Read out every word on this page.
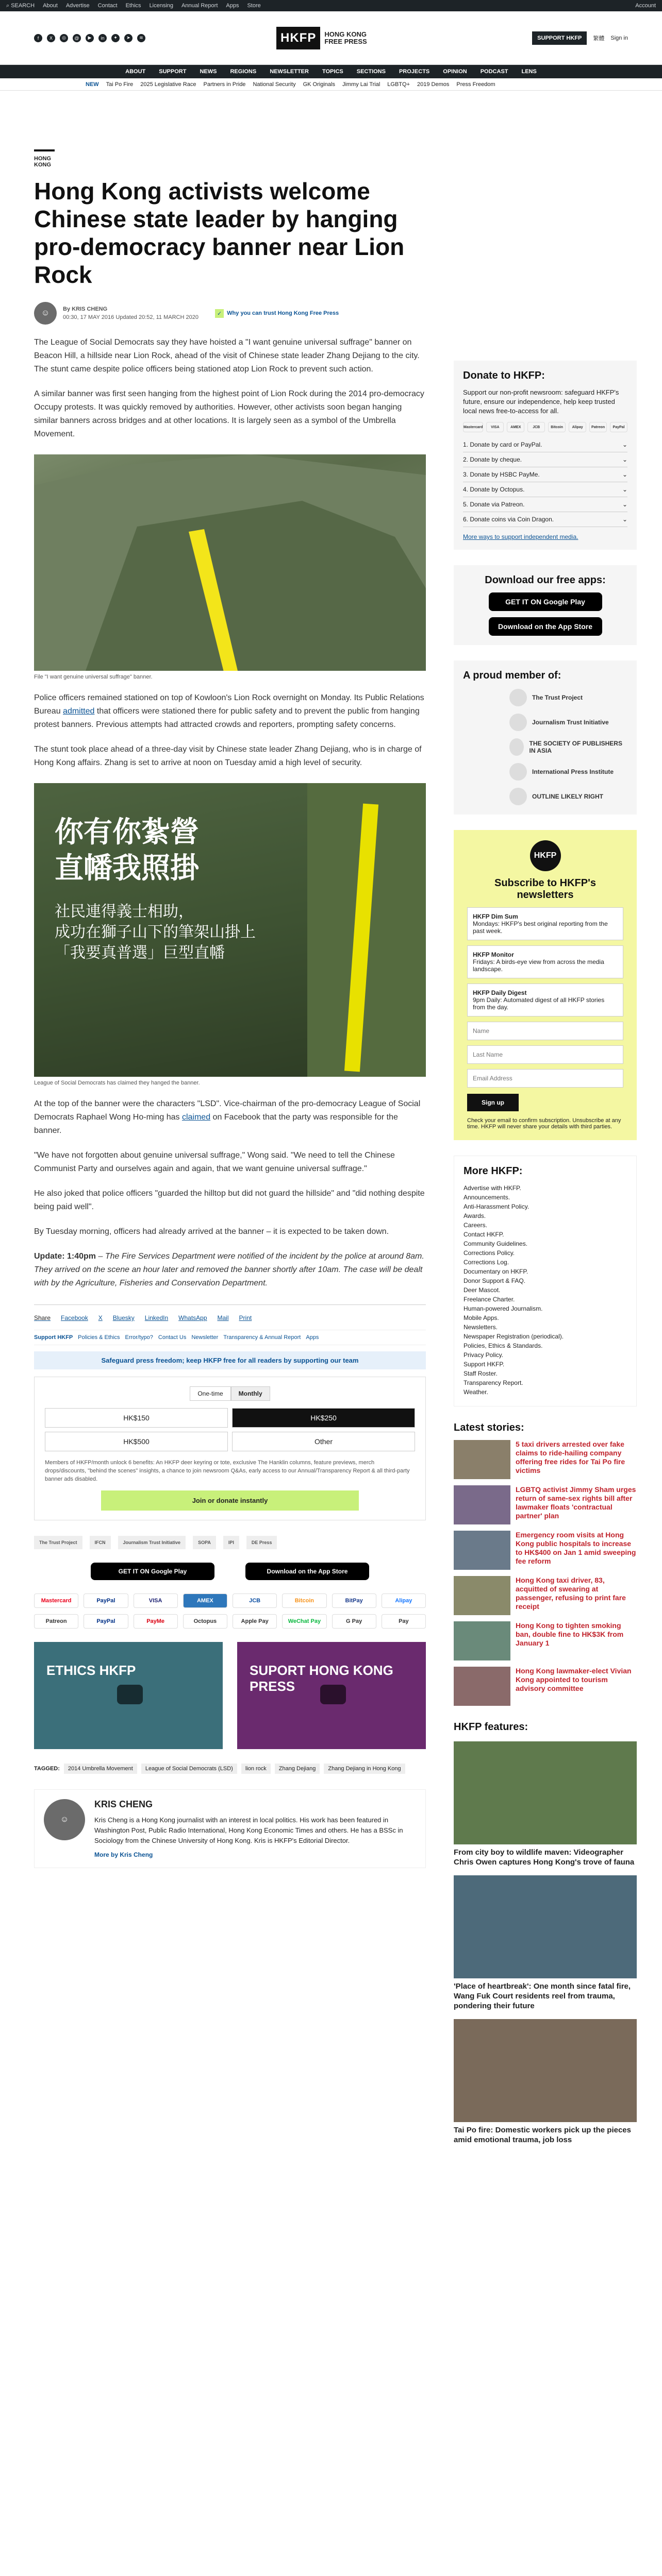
⌕ SEARCH About Advertise Contact Ethics Licensing Annual Report Apps Store	Account
f	X	◎	@	▶	in	✦	➤	≋	HKFP	HONG KONG
FREE PRESS	SUPPORT HKFP	繁體 Sign in
ABOUT SUPPORT NEWS REGIONS NEWSLETTER TOPICS SECTIONS PROJECTS OPINION PODCAST LENS
NEW Tai Po Fire 2025 Legislative Race Partners in Pride National Security GK Originals Jimmy Lai Trial LGBTQ+ 2019 Demos Press Freedom
HONG KONG
Hong Kong activists welcome Chinese state leader by hanging pro-democracy banner near Lion Rock
☺	By KRIS CHENG
00:30, 17 MAY 2016 Updated 20:52, 11 MARCH 2020
✓ Why you can trust Hong Kong Free Press

The League of Social Democrats say they have hoisted a "I want genuine universal suffrage" banner on Beacon Hill, a hillside near Lion Rock, ahead of the visit of Chinese state leader Zhang Dejiang to the city. The stunt came despite police officers being stationed atop Lion Rock to prevent such action.

A similar banner was first seen hanging from the highest point of Lion Rock during the 2014 pro-democracy Occupy protests. It was quickly removed by authorities. However, other activists soon began hanging similar banners across bridges and at other locations. It is largely seen as a symbol of the Umbrella Movement.

File "I want genuine universal suffrage" banner.

Police officers remained stationed on top of Kowloon's Lion Rock overnight on Monday. Its Public Relations Bureau admitted that officers were stationed there for public safety and to prevent the public from hanging protest banners. Previous attempts had attracted crowds and reporters, prompting safety concerns.

The stunt took place ahead of a three-day visit by Chinese state leader Zhang Dejiang, who is in charge of Hong Kong affairs. Zhang is set to arrive at noon on Tuesday amid a high level of security.

你有你紮營
直幡我照掛
社民連得義士相助，
成功在獅子山下的筆架山掛上
「我要真普選」巨型直幡
League of Social Democrats has claimed they hanged the banner.

At the top of the banner were the characters "LSD". Vice-chairman of the pro-democracy League of Social Democrats Raphael Wong Ho-ming has claimed on Facebook that the party was responsible for the banner.

"We have not forgotten about genuine universal suffrage," Wong said. "We need to tell the Chinese Communist Party and ourselves again and again, that we want genuine universal suffrage."

He also joked that police officers "guarded the hilltop but did not guard the hillside" and "did nothing despite being paid well".

By Tuesday morning, officers had already arrived at the banner – it is expected to be taken down.

Update: 1:40pm – The Fire Services Department were notified of the incident by the police at around 8am. They arrived on the scene an hour later and removed the banner shortly after 10am. The case will be dealt with by the Agriculture, Fisheries and Conservation Department.

Share Facebook X Bluesky LinkedIn WhatsApp Mail Print
Support HKFP Policies & Ethics Error/typo? Contact Us Newsletter Transparency & Annual Report Apps
Safeguard press freedom; keep HKFP free for all readers by supporting our team
One-time	Monthly
HK$150	HK$250
HK$500	Other

Members of HKFP/month unlock 6 benefits: An HKFP deer keyring or tote, exclusive The Hanklin columns, feature previews, merch drops/discounts, "behind the scenes" insights, a chance to join newsroom Q&As, early access to our Annual/Transparency Report & all third-party banner ads disabled.

Join or donate instantly
The Trust Project	IFCN	Journalism Trust Initiative	SOPA	IPI	DE Press
GET IT ON Google Play	Download on the App Store
Mastercard	PayPal	VISA	AMEX	JCB	Bitcoin	BitPay	Alipay
Patreon	PayPal	PayMe	Octopus	Apple Pay	WeChat Pay	G Pay	Pay
ETHICS HKFP	SUPORT HONG KONG PRESS
TAGGED:	2014 Umbrella Movement	League of Social Democrats (LSD)	lion rock	Zhang Dejiang	Zhang Dejiang in Hong Kong
☺
KRIS CHENG

Kris Cheng is a Hong Kong journalist with an interest in local politics. His work has been featured in Washington Post, Public Radio International, Hong Kong Economic Times and others. He has a BSSc in Sociology from the Chinese University of Hong Kong. Kris is HKFP's Editorial Director.

More by Kris Cheng
Donate to HKFP:

Support our non-profit newsroom: safeguard HKFP's future, ensure our independence, help keep trusted local news free-to-access for all.

Mastercard	VISA	AMEX	JCB	Bitcoin	Alipay	Patreon	PayPal
1. Donate by card or PayPal.	⌄
2. Donate by cheque.	⌄
3. Donate by HSBC PayMe.	⌄
4. Donate by Octopus.	⌄
5. Donate via Patreon.	⌄
6. Donate coins via Coin Dragon.	⌄
More ways to support independent media.
Download our free apps:
GET IT ON Google Play
Download on the App Store
A proud member of:
The Trust Project
Journalism Trust Initiative
THE SOCIETY OF PUBLISHERS IN ASIA
International Press Institute
OUTLINE LIKELY RIGHT
HKFP
Subscribe to HKFP's newsletters
HKFP Dim Sum
Mondays: HKFP's best original reporting from the past week.
HKFP Monitor
Fridays: A birds-eye view from across the media landscape.
HKFP Daily Digest
9pm Daily: Automated digest of all HKFP stories from the day.
Name
Last Name
Email Address
Sign up

Check your email to confirm subscription. Unsubscribe at any time. HKFP will never share your details with third parties.

More HKFP:
Advertise with HKFP.
Announcements.
Anti-Harassment Policy.
Awards.
Careers.
Contact HKFP.
Community Guidelines.
Corrections Policy.
Corrections Log.
Documentary on HKFP.
Donor Support & FAQ.
Deer Mascot.
Freelance Charter.
Human-powered Journalism.
Mobile Apps.
Newsletters.
Newspaper Registration (periodical).
Policies, Ethics & Standards.
Privacy Policy.
Support HKFP.
Staff Roster.
Transparency Report.
Weather.
Latest stories:
5 taxi drivers arrested over fake claims to ride-hailing company offering free rides for Tai Po fire victims
LGBTQ activist Jimmy Sham urges return of same-sex rights bill after lawmaker floats 'contractual partner' plan
Emergency room visits at Hong Kong public hospitals to increase to HK$400 on Jan 1 amid sweeping fee reform
Hong Kong taxi driver, 83, acquitted of swearing at passenger, refusing to print fare receipt
Hong Kong to tighten smoking ban, double fine to HK$3K from January 1
Hong Kong lawmaker-elect Vivian Kong appointed to tourism advisory committee
HKFP features:
From city boy to wildlife maven: Videographer Chris Owen captures Hong Kong's trove of fauna
'Place of heartbreak': One month since fatal fire, Wang Fuk Court residents reel from trauma, pondering their future
Tai Po fire: Domestic workers pick up the pieces amid emotional trauma, job loss
